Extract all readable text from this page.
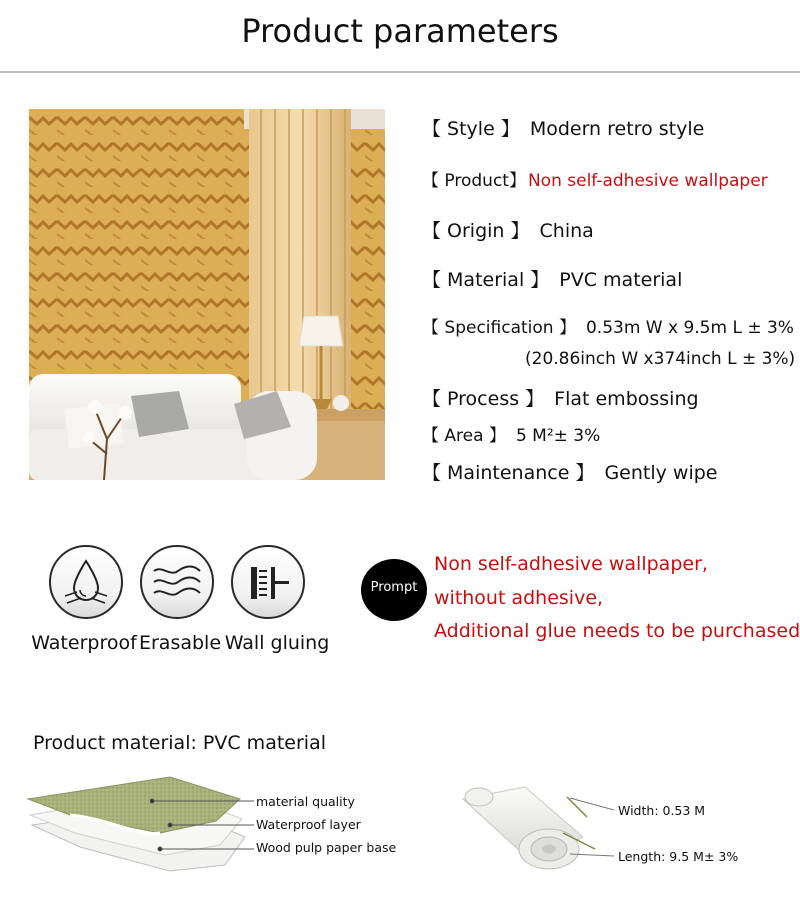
Product parameters
【 Style 】 Modern retro style
【 Product】 Non self-adhesive wallpaper
【 Origin 】 China
【 Material 】 PVC material
【 Specification 】 0.53m W x 9.5m L ± 3%
(20.86inch W x374inch L ± 3%)
【 Process 】 Flat embossing
【 Area 】 5 M²± 3%
【 Maintenance 】 Gently wipe
Waterproof Erasable Wall gluing
Prompt
Non self-adhesive wallpaper,
without adhesive,
Additional glue needs to be purchased
Product material: PVC material
material quality
Waterproof layer
Wood pulp paper base
Width: 0.53 M
Length: 9.5 M± 3%
